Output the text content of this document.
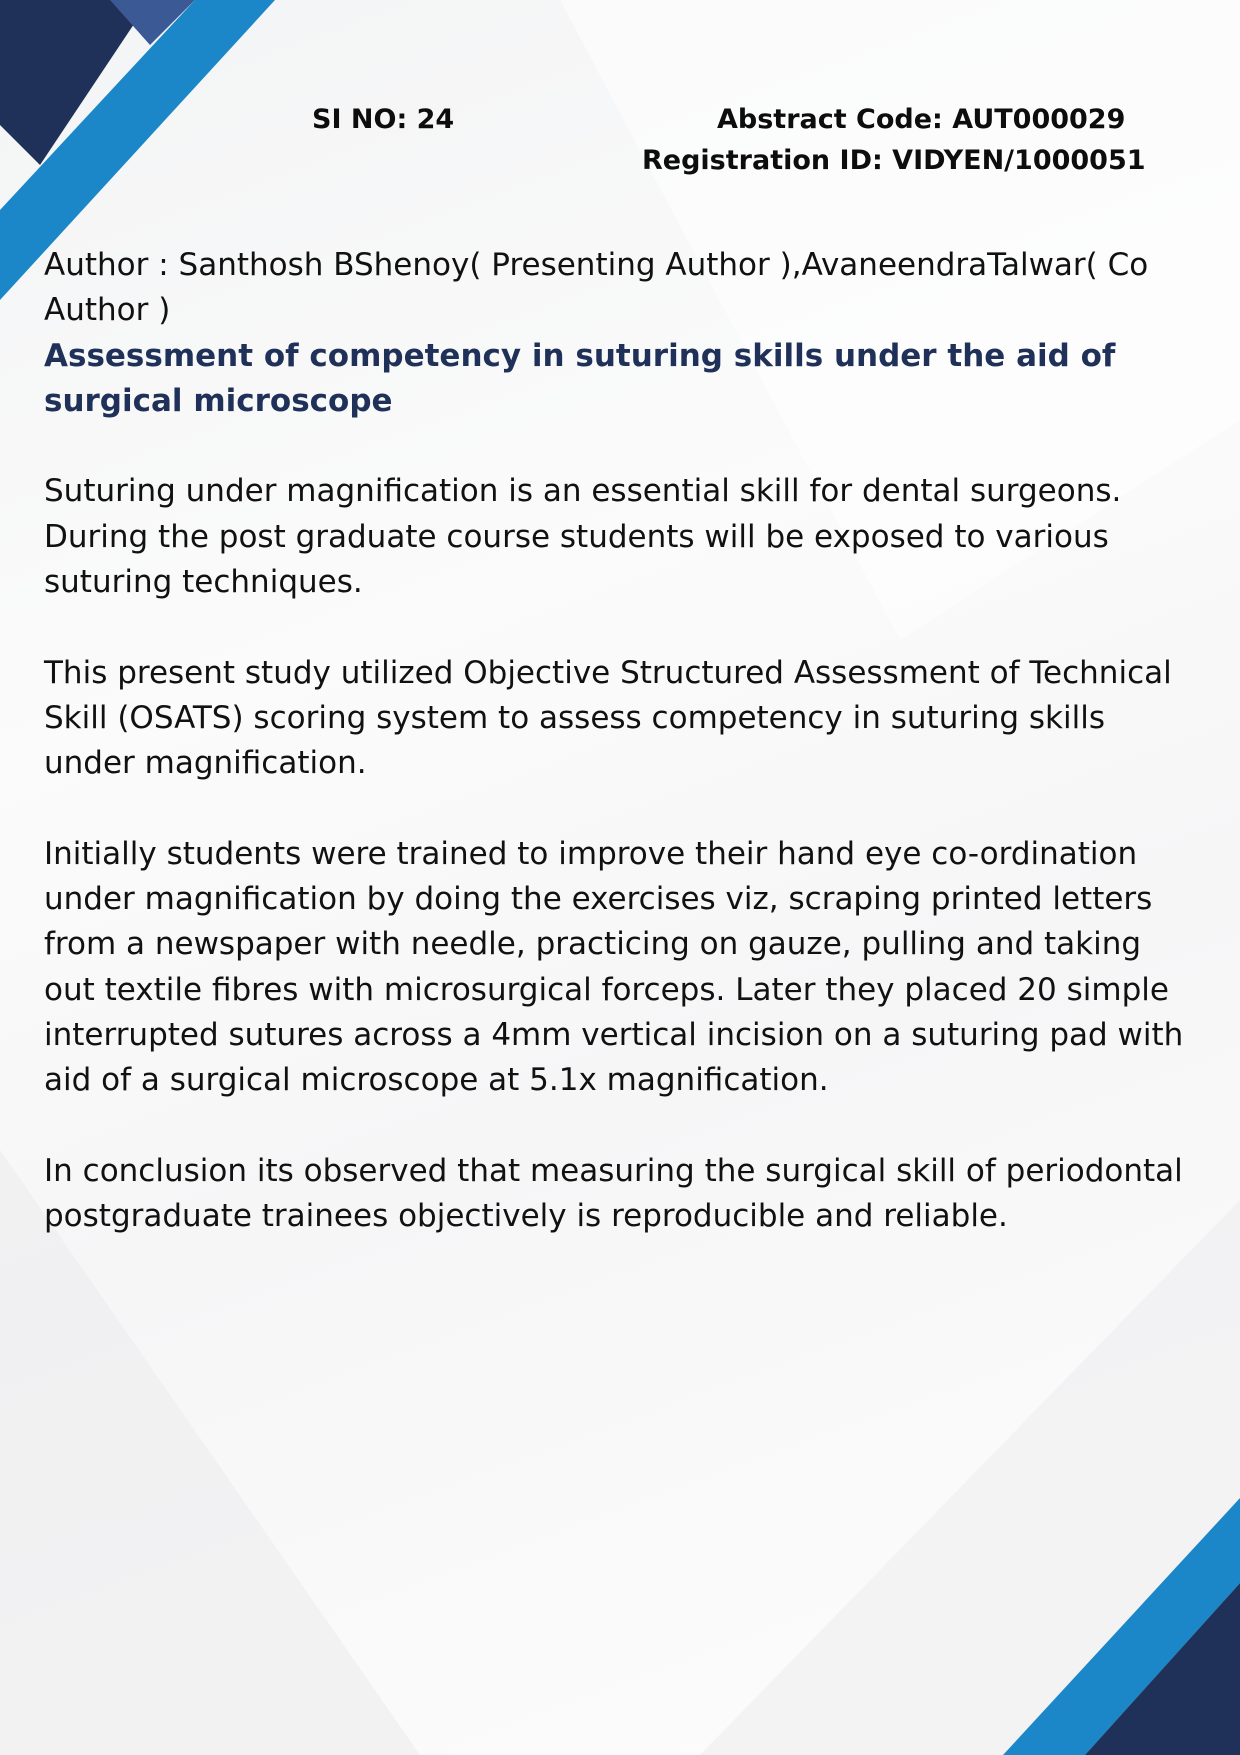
SI NO: 24	Abstract Code: AUT000029
Registration ID: VIDYEN/1000051

Author : Santhosh BShenoy( Presenting Author ),AvaneendraTalwar( Co Author )

Assessment of competency in suturing skills under the aid of surgical microscope

Suturing under magnification is an essential skill for dental surgeons. During the post graduate course students will be exposed to various suturing techniques.

This present study utilized Objective Structured Assessment of Technical Skill (OSATS) scoring system to assess competency in suturing skills under magnification.

Initially students were trained to improve their hand eye co-ordination under magnification by doing the exercises viz, scraping printed letters from a newspaper with needle, practicing on gauze, pulling and taking out textile fibres with microsurgical forceps. Later they placed 20 simple interrupted sutures across a 4mm vertical incision on a suturing pad with aid of a surgical microscope at 5.1x magnification.

In conclusion its observed that measuring the surgical skill of periodontal postgraduate trainees objectively is reproducible and reliable.
